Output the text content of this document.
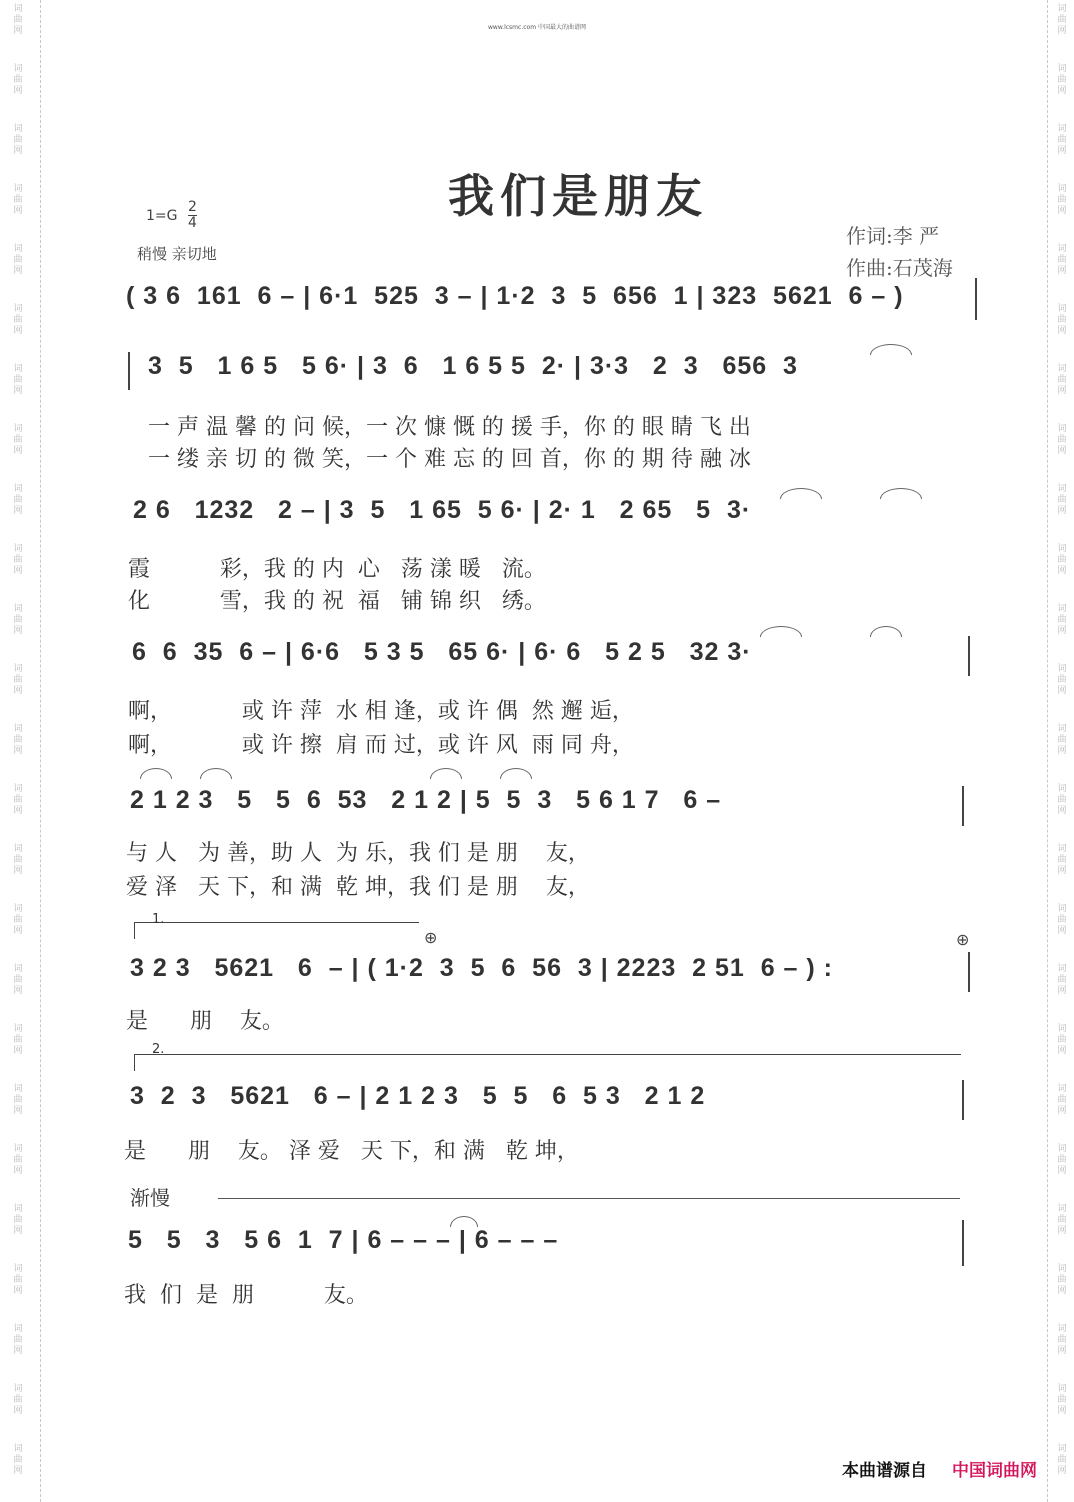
词
曲
网
词
曲
网
词
曲
网
词
曲
网
词
曲
网
词
曲
网
词
曲
网
词
曲
网
词
曲
网
词
曲
网
词
曲
网
词
曲
网
词
曲
网
词
曲
网
词
曲
网
词
曲
网
词
曲
网
词
曲
网
词
曲
网
词
曲
网
词
曲
网
词
曲
网
词
曲
网
词
曲
网
词
曲
网
词
曲
网
词
曲
网
词
曲
网
词
曲
网
词
曲
网
词
曲
网
词
曲
网
词
曲
网
词
曲
网
词
曲
网
词
曲
网
词
曲
网
词
曲
网
词
曲
网
词
曲
网
词
曲
网
词
曲
网
词
曲
网
词
曲
网
词
曲
网
词
曲
网
词
曲
网
词
曲
网
词
曲
网
词
曲
网
www.lcsmc.com 中国最大的曲谱网
我们是朋友
1=G
2
4
稍慢 亲切地
作词:李 严
作曲:石茂海
( 3 6  161  6 – | 6·1  525  3 – | 1·2  3  5  656  1 | 323  5621  6 – )
3  5   1 6 5   5 6· | 3  6   1 6 5 5  2· | 3·3   2  3   656  3
一 声 温 馨 的 问 候，一 次 慷 慨 的 援 手，你 的 眼 睛 飞 出
一 缕 亲 切 的 微 笑，一 个 难 忘 的 回 首，你 的 期 待 融 冰
2 6   1232   2 – | 3  5   1 65  5 6· | 2· 1   2 65   5  3·
霞          彩，我 的 内  心   荡 漾 暖   流。
化          雪，我 的 祝  福   铺 锦 织   绣。
6  6  35  6 – | 6·6   5 3 5   65 6· | 6· 6   5 2 5   32 3·
啊，          或 许 萍  水 相 逢，或 许 偶  然 邂 逅，
啊，          或 许 擦  肩 而 过，或 许 风  雨 同 舟，
2 1 2 3   5   5  6  53   2 1 2 | 5  5  3   5 6 1 7   6 –
与 人   为 善，助 人  为 乐，我 们 是 朋    友，
爱 泽   天 下，和 满  乾 坤，我 们 是 朋    友，
1.
⊕	⊕
3 2 3   5621   6  – | ( 1·2  3  5  6  56  3 | 2223  2 51  6 – ) :
是      朋    友。
2.
3  2  3   5621   6 – | 2 1 2 3   5  5   6  5 3   2 1 2
是      朋    友。 泽 爱   天 下，和 满   乾 坤，
渐慢
5   5   3   5 6  1  7 | 6 – – – | 6 – – –
我  们  是  朋          友。
本曲谱源自 中国词曲网
